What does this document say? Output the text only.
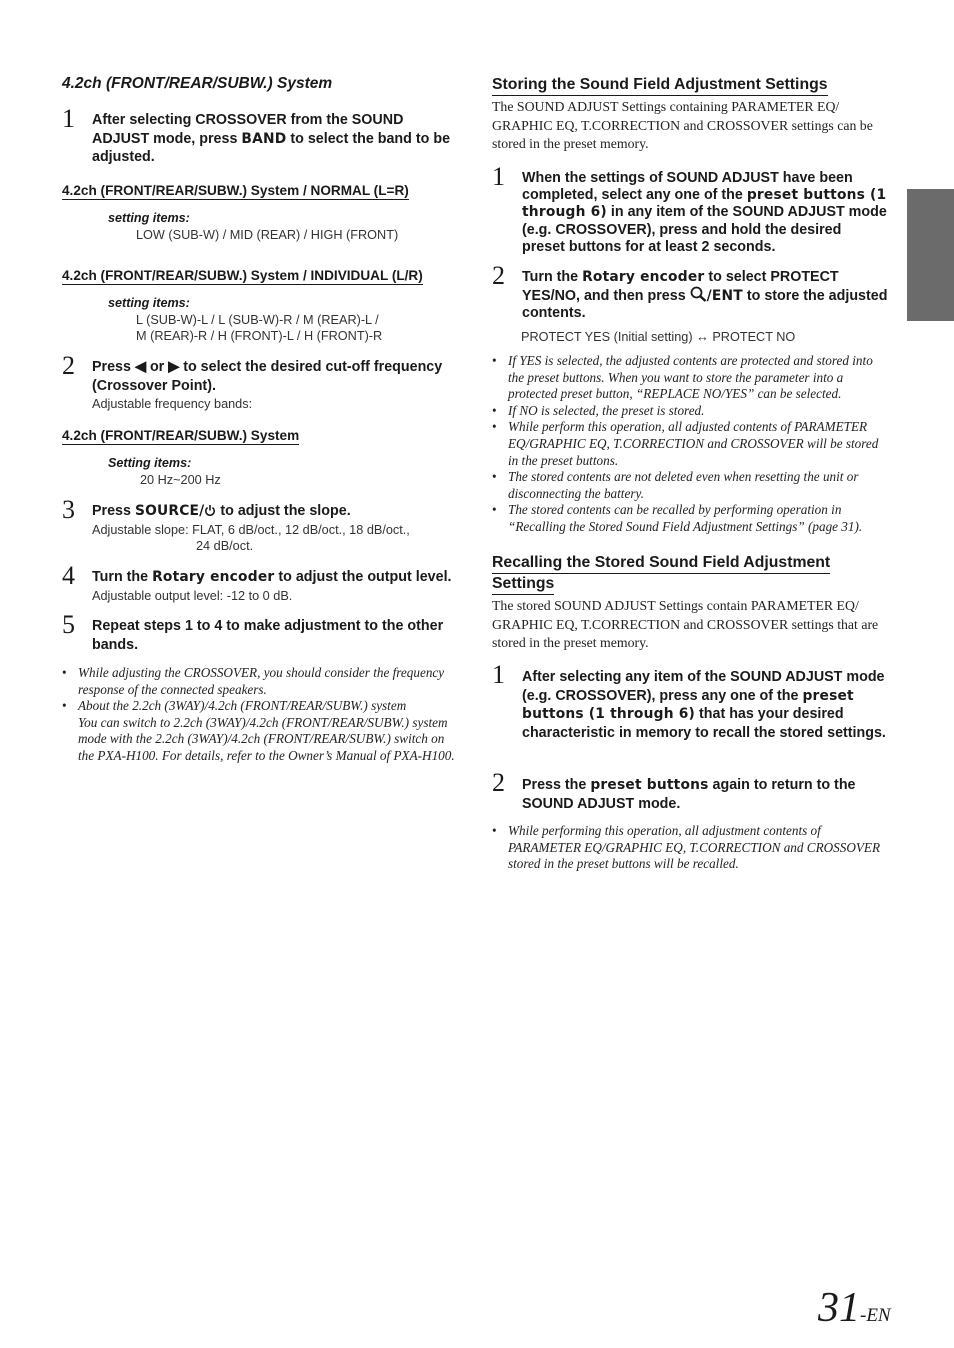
4.2ch (FRONT/REAR/SUBW.) System
1 After selecting CROSSOVER from the SOUND ADJUST mode, press BAND to select the band to be adjusted.
4.2ch (FRONT/REAR/SUBW.) System / NORMAL (L=R)
setting items:
LOW (SUB-W) / MID (REAR) / HIGH (FRONT)
4.2ch (FRONT/REAR/SUBW.) System / INDIVIDUAL (L/R)
setting items:
L (SUB-W)-L / L (SUB-W)-R / M (REAR)-L /
M (REAR)-R / H (FRONT)-L / H (FRONT)-R
2 Press ◀ or ▶ to select the desired cut-off frequency (Crossover Point).
Adjustable frequency bands:
4.2ch (FRONT/REAR/SUBW.) System
Setting items:
20 Hz~200 Hz
3 Press SOURCE/ to adjust the slope.
Adjustable slope: FLAT, 6 dB/oct., 12 dB/oct., 18 dB/oct.,
24 dB/oct.
4 Turn the Rotary encoder to adjust the output level.
Adjustable output level: -12 to 0 dB.
5 Repeat steps 1 to 4 to make adjustment to the other bands.
• While adjusting the CROSSOVER, you should consider the frequency response of the connected speakers.
• About the 2.2ch (3WAY)/4.2ch (FRONT/REAR/SUBW.) system
You can switch to 2.2ch (3WAY)/4.2ch (FRONT/REAR/SUBW.) system mode with the 2.2ch (3WAY)/4.2ch (FRONT/REAR/SUBW.) switch on the PXA-H100. For details, refer to the Owner’s Manual of PXA-H100.
Storing the Sound Field Adjustment Settings
The SOUND ADJUST Settings containing PARAMETER EQ/ GRAPHIC EQ, T.CORRECTION and CROSSOVER settings can be stored in the preset memory.
1 When the settings of SOUND ADJUST have been completed, select any one of the preset buttons (1 through 6) in any item of the SOUND ADJUST mode (e.g. CROSSOVER), press and hold the desired preset buttons for at least 2 seconds.
2 Turn the Rotary encoder to select PROTECT YES/NO, and then press /ENT to store the adjusted contents.
PROTECT YES (Initial setting) ↔ PROTECT NO
• If YES is selected, the adjusted contents are protected and stored into the preset buttons. When you want to store the parameter into a protected preset button, “REPLACE NO/YES” can be selected.
• If NO is selected, the preset is stored.
• While perform this operation, all adjusted contents of PARAMETER EQ/GRAPHIC EQ, T.CORRECTION and CROSSOVER will be stored in the preset buttons.
• The stored contents are not deleted even when resetting the unit or disconnecting the battery.
• The stored contents can be recalled by performing operation in “Recalling the Stored Sound Field Adjustment Settings” (page 31).
Recalling the Stored Sound Field Adjustment
Settings
The stored SOUND ADJUST Settings contain PARAMETER EQ/ GRAPHIC EQ, T.CORRECTION and CROSSOVER settings that are stored in the preset memory.
1 After selecting any item of the SOUND ADJUST mode (e.g. CROSSOVER), press any one of the preset buttons (1 through 6) that has your desired characteristic in memory to recall the stored settings.
2 Press the preset buttons again to return to the SOUND ADJUST mode.
• While performing this operation, all adjustment contents of PARAMETER EQ/GRAPHIC EQ, T.CORRECTION and CROSSOVER stored in the preset buttons will be recalled.
31-EN
